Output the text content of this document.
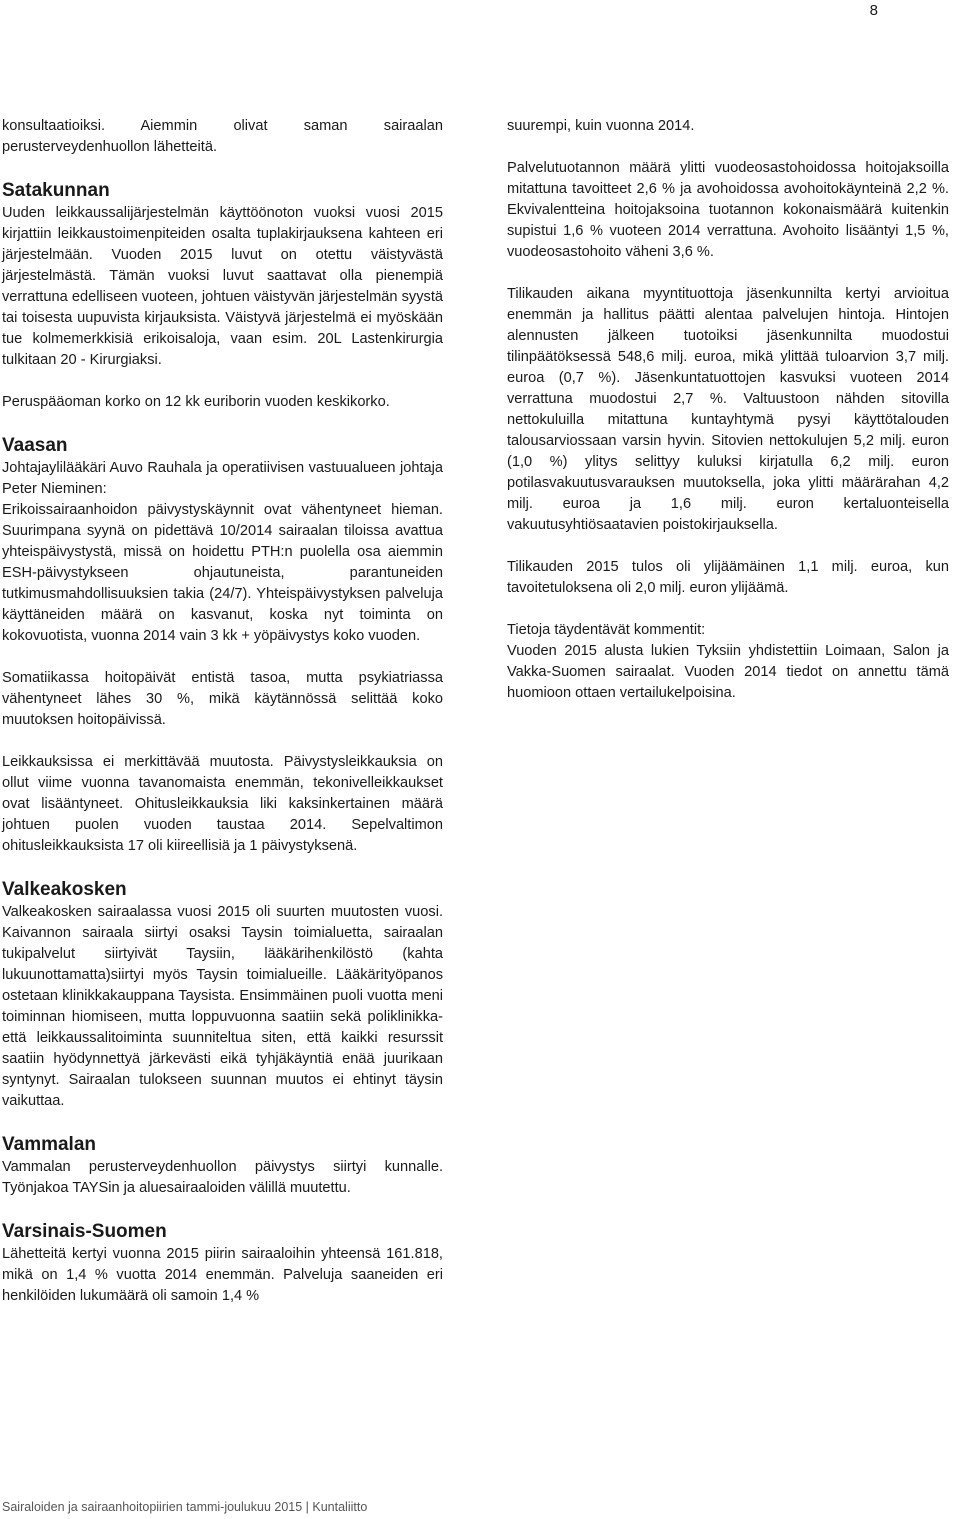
8

konsultaatioiksi. Aiemmin olivat saman sairaalan perusterveydenhuollon lähetteitä.

Satakunnan

Uuden leikkaussalijärjestelmän käyttöönoton vuoksi vuosi 2015 kirjattiin leikkaustoimenpiteiden osalta tuplakirjauksena kahteen eri järjestelmään. Vuoden 2015 luvut on otettu väistyvästä järjestelmästä. Tämän vuoksi luvut saattavat olla pienempiä verrattuna edelliseen vuoteen, johtuen väistyvän järjestelmän syystä tai toisesta uupuvista kirjauksista. Väistyvä järjestelmä ei myöskään tue kolmemerkkisiä erikoisaloja, vaan esim. 20L Lastenkirurgia tulkitaan 20 - Kirurgiaksi.

Peruspääoman korko on 12 kk euriborin vuoden keskikorko.

Vaasan

Johtajaylilääkäri Auvo Rauhala ja operatiivisen vastuualueen johtaja Peter Nieminen:

Erikoissairaanhoidon päivystyskäynnit ovat vähentyneet hieman. Suurimpana syynä on pidettävä 10/2014 sairaalan tiloissa avattua yhteispäivystystä, missä on hoidettu PTH:n puolella osa aiemmin ESH-päivystykseen ohjautuneista, parantuneiden tutkimusmahdollisuuksien takia (24/7). Yhteispäivystyksen palveluja käyttäneiden määrä on kasvanut, koska nyt toiminta on kokovuotista, vuonna 2014 vain 3 kk + yöpäivystys koko vuoden.

Somatiikassa hoitopäivät entistä tasoa, mutta psykiatriassa vähentyneet lähes 30 %, mikä käytännössä selittää koko muutoksen hoitopäivissä.

Leikkauksissa ei merkittävää muutosta. Päivystysleikkauksia on ollut viime vuonna tavanomaista enemmän, tekonivelleikkaukset ovat lisääntyneet. Ohitusleikkauksia liki kaksinkertainen määrä johtuen puolen vuoden taustaa 2014. Sepelvaltimon ohitusleikkauksista 17 oli kiireellisiä ja 1 päivystyksenä.

Valkeakosken

Valkeakosken sairaalassa vuosi 2015 oli suurten muutosten vuosi. Kaivannon sairaala siirtyi osaksi Taysin toimialuetta, sairaalan tukipalvelut siirtyivät Taysiin, lääkärihenkilöstö (kahta lukuunottamatta)siirtyi myös Taysin toimialueille. Lääkärityöpanos ostetaan klinikkakauppana Taysista. Ensimmäinen puoli vuotta meni toiminnan hiomiseen, mutta loppuvuonna saatiin sekä poliklinikka- että leikkaussalitoiminta suunniteltua siten, että kaikki resurssit saatiin hyödynnettyä järkevästi eikä tyhjäkäyntiä enää juurikaan syntynyt. Sairaalan tulokseen suunnan muutos ei ehtinyt täysin vaikuttaa.

Vammalan

Vammalan perusterveydenhuollon päivystys siirtyi kunnalle. Työnjakoa TAYSin ja aluesairaaloiden välillä muutettu.

Varsinais-Suomen

Lähetteitä kertyi vuonna 2015 piirin sairaaloihin yhteensä 161.818, mikä on 1,4 % vuotta 2014 enemmän. Palveluja saaneiden eri henkilöiden lukumäärä oli samoin 1,4 %

suurempi, kuin vuonna 2014.

Palvelutuotannon määrä ylitti vuodeosastohoidossa hoitojaksoilla mitattuna tavoitteet 2,6 % ja avohoidossa avohoitokäynteinä 2,2 %. Ekvivalentteina hoitojaksoina tuotannon kokonaismäärä kuitenkin supistui 1,6 % vuoteen 2014 verrattuna. Avohoito lisääntyi 1,5 %, vuodeosastohoito väheni 3,6 %.

Tilikauden aikana myyntituottoja jäsenkunnilta kertyi arvioitua enemmän ja hallitus päätti alentaa palvelujen hintoja. Hintojen alennusten jälkeen tuotoiksi jäsenkunnilta muodostui tilinpäätöksessä 548,6 milj. euroa, mikä ylittää tuloarvion 3,7 milj. euroa (0,7 %). Jäsenkuntatuottojen kasvuksi vuoteen 2014 verrattuna muodostui 2,7 %. Valtuustoon nähden sitovilla nettokuluilla mitattuna kuntayhtymä pysyi käyttötalouden talousarviossaan varsin hyvin. Sitovien nettokulujen 5,2 milj. euron (1,0 %) ylitys selittyy kuluksi kirjatulla 6,2 milj. euron potilasvakuutusvarauksen muutoksella, joka ylitti määrärahan 4,2 milj. euroa ja 1,6 milj. euron kertaluonteisella vakuutusyhtiösaatavien poistokirjauksella.

Tilikauden 2015 tulos oli ylijäämäinen 1,1 milj. euroa, kun tavoitetuloksena oli 2,0 milj. euron ylijäämä.

Tietoja täydentävät kommentit:

Vuoden 2015 alusta lukien Tyksiin yhdistettiin Loimaan, Salon ja Vakka-Suomen sairaalat. Vuoden 2014 tiedot on annettu tämä huomioon ottaen vertailukelpoisina.

Sairaloiden ja sairaanhoitopiirien tammi-joulukuu 2015 | Kuntaliitto
